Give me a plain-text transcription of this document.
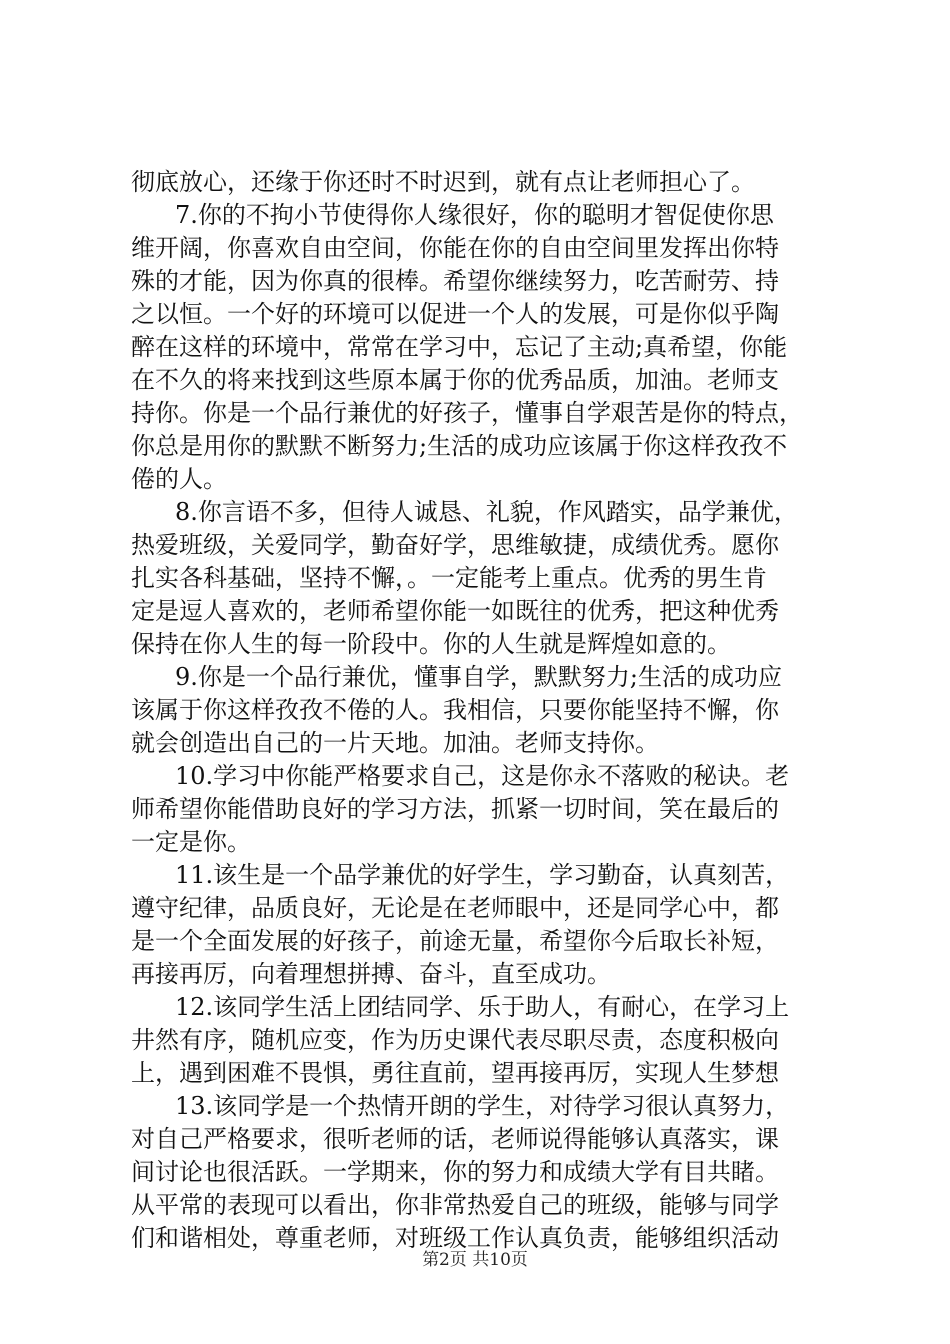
彻底放心，还缘于你还时不时迟到，就有点让老师担心了。
7.你的不拘小节使得你人缘很好，你的聪明才智促使你思
维开阔，你喜欢自由空间，你能在你的自由空间里发挥出你特
殊的才能，因为你真的很棒。希望你继续努力，吃苦耐劳、持
之以恒。一个好的环境可以促进一个人的发展，可是你似乎陶
醉在这样的环境中，常常在学习中，忘记了主动;真希望，你能
在不久的将来找到这些原本属于你的优秀品质，加油。老师支
持你。你是一个品行兼优的好孩子，懂事自学艰苦是你的特点，
你总是用你的默默不断努力;生活的成功应该属于你这样孜孜不
倦的人。
8.你言语不多，但待人诚恳、礼貌，作风踏实，品学兼优，
热爱班级，关爱同学，勤奋好学，思维敏捷，成绩优秀。愿你
扎实各科基础，坚持不懈，。一定能考上重点。优秀的男生肯
定是逗人喜欢的，老师希望你能一如既往的优秀，把这种优秀
保持在你人生的每一阶段中。你的人生就是辉煌如意的。
9.你是一个品行兼优，懂事自学，默默努力;生活的成功应
该属于你这样孜孜不倦的人。我相信，只要你能坚持不懈，你
就会创造出自己的一片天地。加油。老师支持你。
10.学习中你能严格要求自己，这是你永不落败的秘诀。老
师希望你能借助良好的学习方法，抓紧一切时间，笑在最后的
一定是你。
11.该生是一个品学兼优的好学生，学习勤奋，认真刻苦，
遵守纪律，品质良好，无论是在老师眼中，还是同学心中，都
是一个全面发展的好孩子，前途无量，希望你今后取长补短，
再接再厉，向着理想拼搏、奋斗，直至成功。
12.该同学生活上团结同学、乐于助人，有耐心，在学习上
井然有序，随机应变，作为历史课代表尽职尽责，态度积极向
上，遇到困难不畏惧，勇往直前，望再接再厉，实现人生梦想
13.该同学是一个热情开朗的学生，对待学习很认真努力，
对自己严格要求，很听老师的话，老师说得能够认真落实，课
间讨论也很活跃。一学期来，你的努力和成绩大学有目共睹。
从平常的表现可以看出，你非常热爱自己的班级，能够与同学
们和谐相处，尊重老师，对班级工作认真负责，能够组织活动
第2页 共10页
